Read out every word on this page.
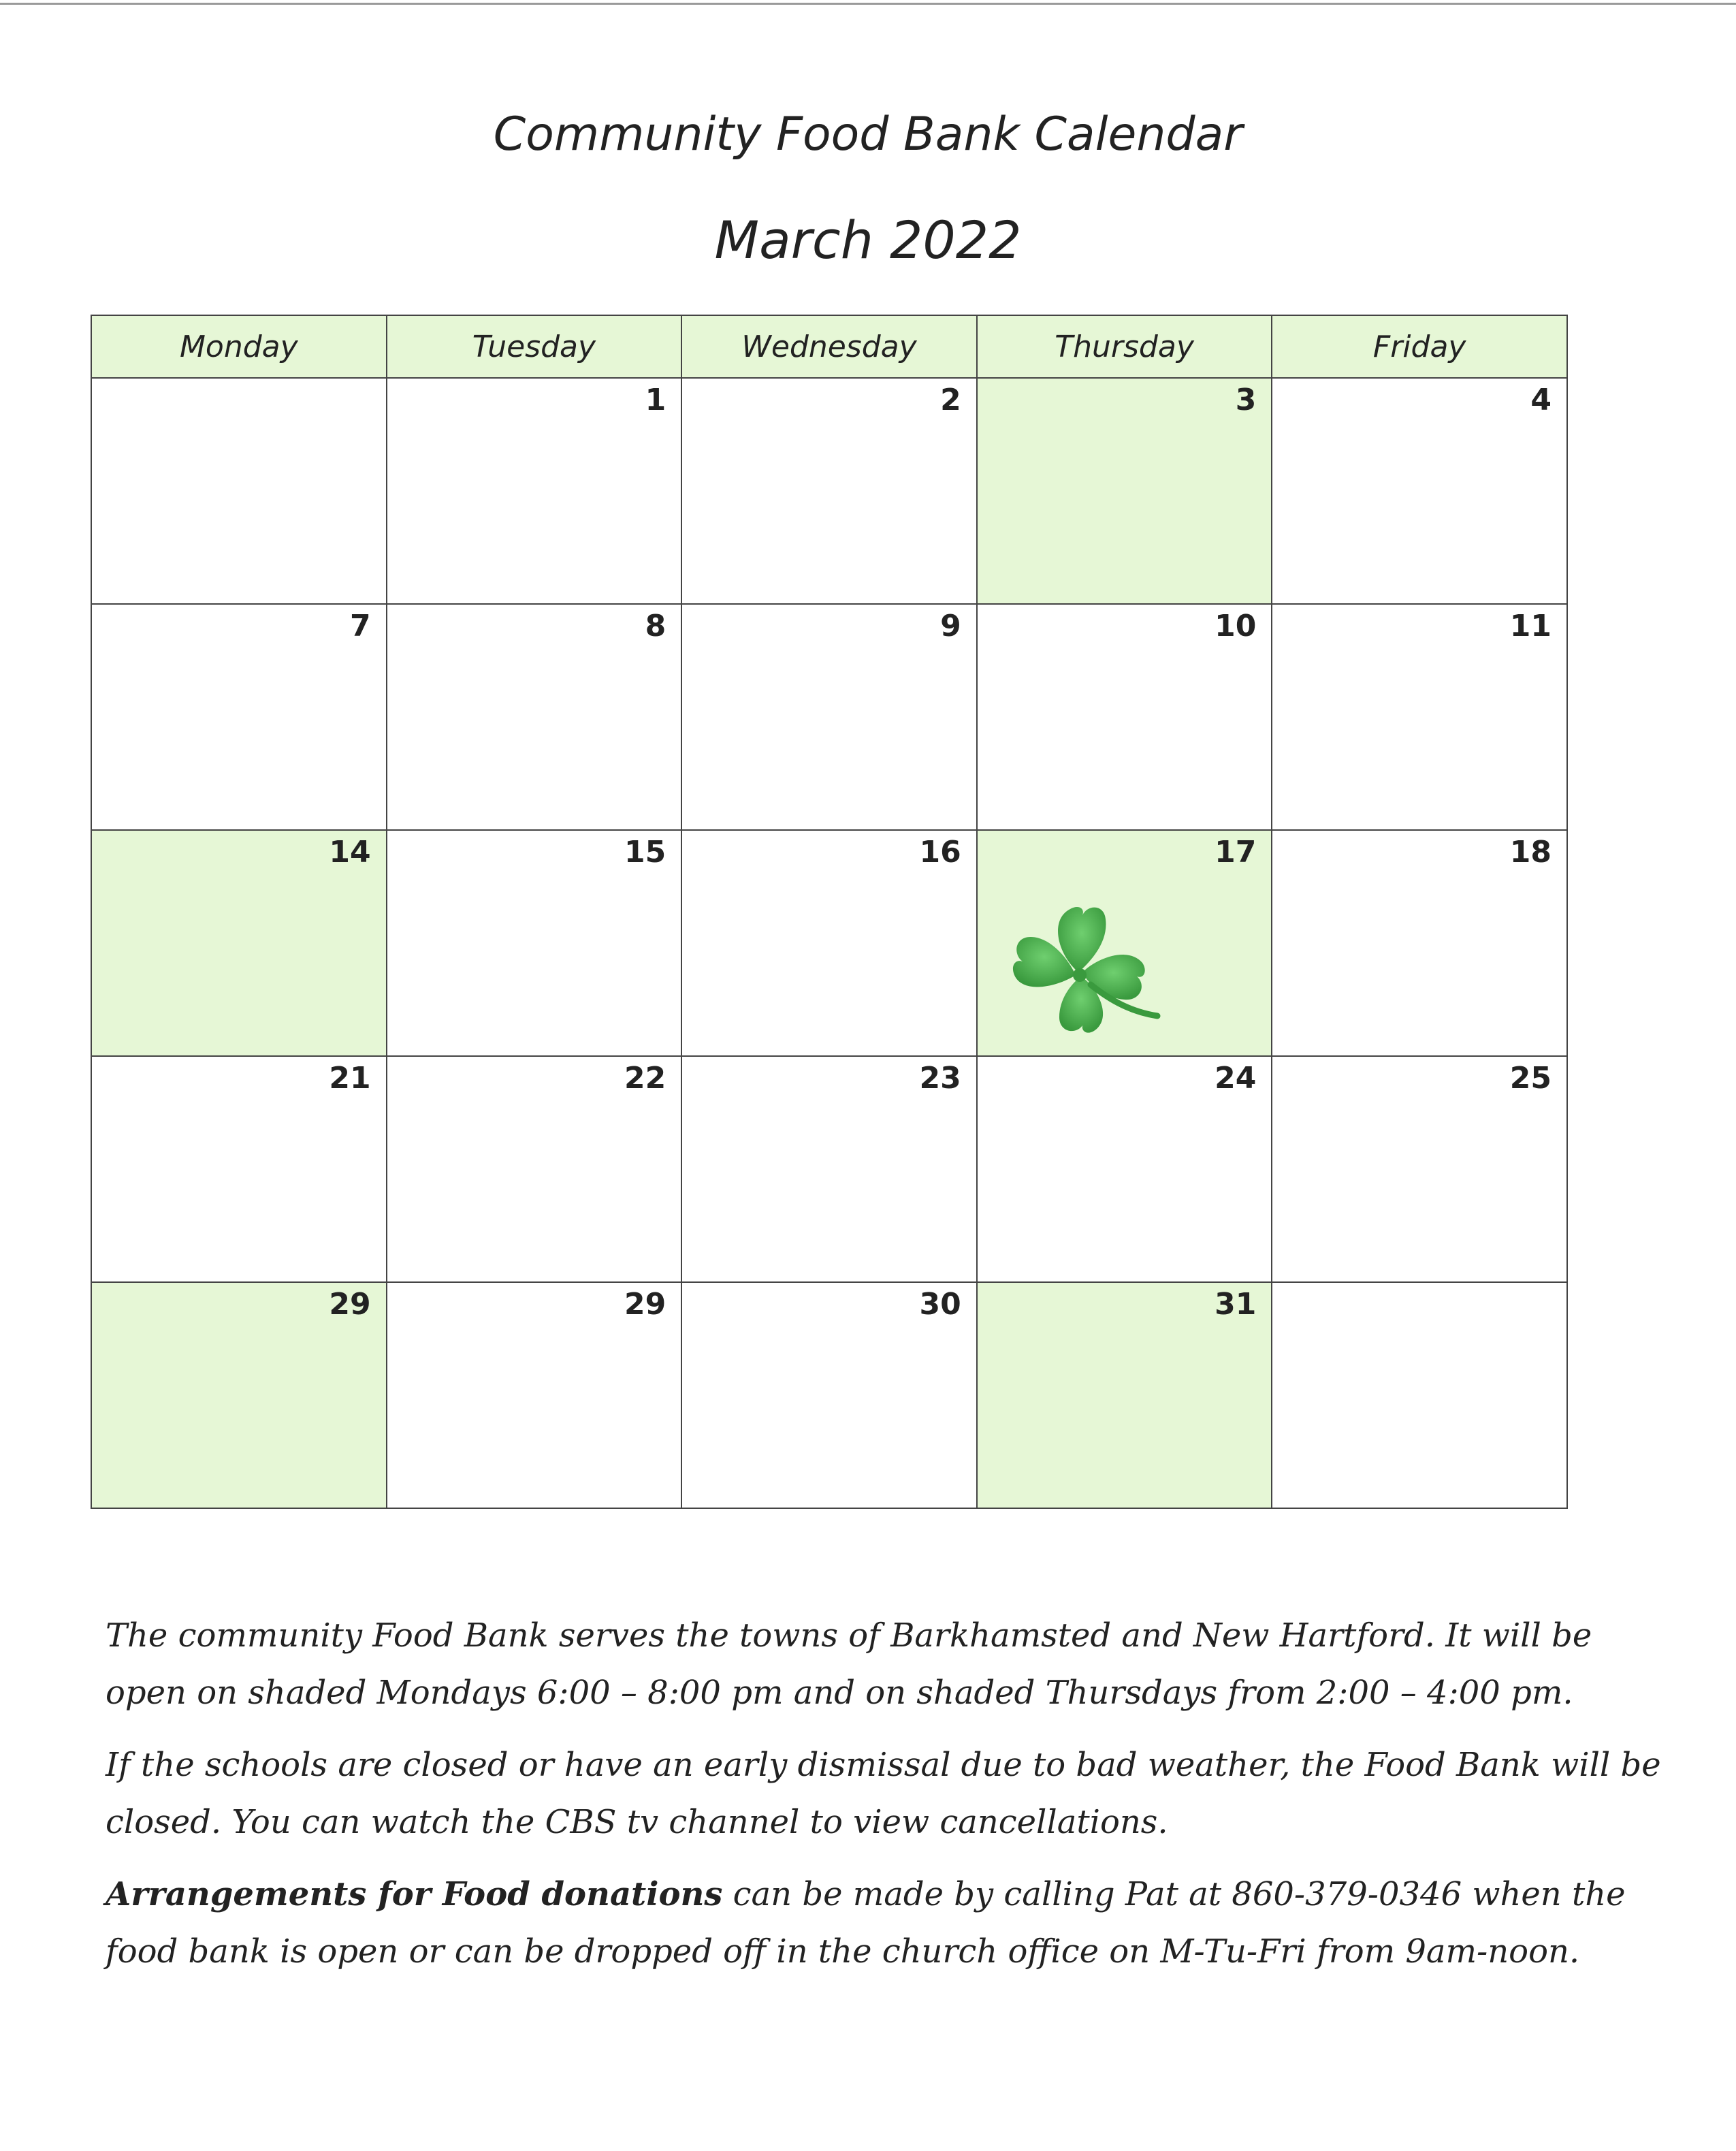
Community Food Bank Calendar
March 2022
Monday	Tuesday	Wednesday	Thursday	Friday

	1	2	3	4

7	8	9	10	11

14	15	16	17	18

21	22	23	24	25

29	29	30	31	

The community Food Bank serves the towns of Barkhamsted and New Hartford. It will be open on shaded Mondays 6:00 – 8:00 pm and on shaded Thursdays from 2:00 – 4:00 pm.

If the schools are closed or have an early dismissal due to bad weather, the Food Bank will be closed. You can watch the CBS tv channel to view cancellations.

Arrangements for Food donations can be made by calling Pat at 860-379-0346 when the food bank is open or can be dropped off in the church office on M-Tu-Fri from 9am-noon.
